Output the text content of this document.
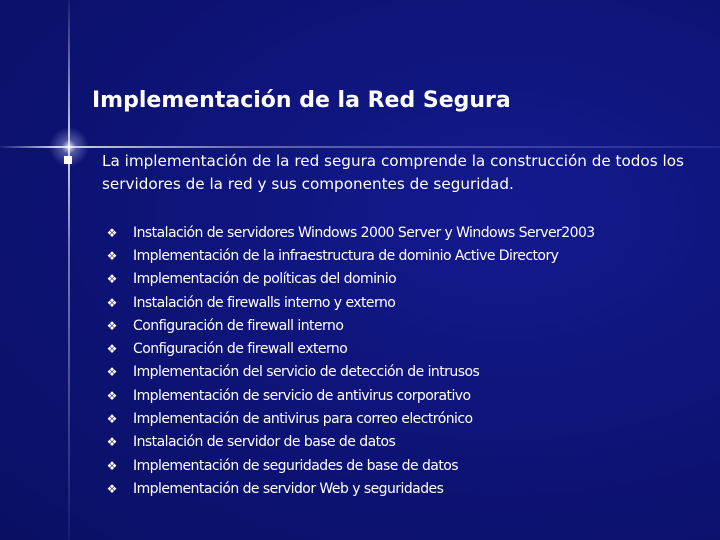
Implementación de la Red Segura
La implementación de la red segura comprende la construcción de todos los servidores de la red y sus componentes de seguridad.
❖ Instalación de servidores Windows 2000 Server y Windows Server2003
❖ Implementación de la infraestructura de dominio Active Directory
❖ Implementación de políticas del dominio
❖ Instalación de firewalls interno y externo
❖ Configuración de firewall interno
❖ Configuración de firewall externo
❖ Implementación del servicio de detección de intrusos
❖ Implementación de servicio de antivirus corporativo
❖ Implementación de antivirus para correo electrónico
❖ Instalación de servidor de base de datos
❖ Implementación de seguridades de base de datos
❖ Implementación de servidor Web y seguridades
